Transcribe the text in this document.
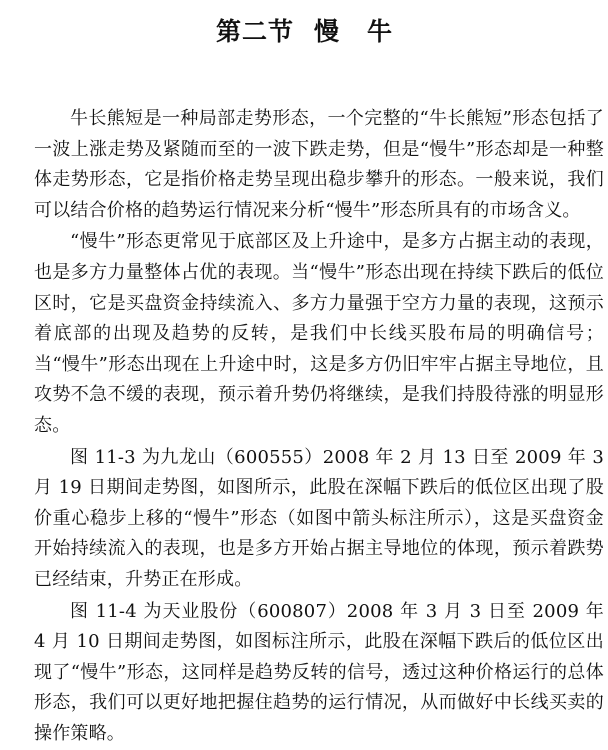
第二节 慢牛

牛长熊短是一种局部走势形态，一个完整的“牛长熊短”形态包括了一波上涨走势及紧随而至的一波下跌走势，但是“慢牛”形态却是一种整体走势形态，它是指价格走势呈现出稳步攀升的形态。一般来说，我们可以结合价格的趋势运行情况来分析“慢牛”形态所具有的市场含义。

“慢牛”形态更常见于底部区及上升途中，是多方占据主动的表现，也是多方力量整体占优的表现。当“慢牛”形态出现在持续下跌后的低位区时，它是买盘资金持续流入、多方力量强于空方力量的表现，这预示着底部的出现及趋势的反转，是我们中长线买股布局的明确信号；当“慢牛”形态出现在上升途中时，这是多方仍旧牢牢占据主导地位，且攻势不急不缓的表现，预示着升势仍将继续，是我们持股待涨的明显形态。

图 11-3 为九龙山（600555）2008 年 2 月 13 日至 2009 年 3 月 19 日期间走势图，如图所示，此股在深幅下跌后的低位区出现了股价重心稳步上移的“慢牛”形态（如图中箭头标注所示），这是买盘资金开始持续流入的表现，也是多方开始占据主导地位的体现，预示着跌势已经结束，升势正在形成。

图 11-4 为天业股份（600807）2008 年 3 月 3 日至 2009 年 4 月 10 日期间走势图，如图标注所示，此股在深幅下跌后的低位区出现了“慢牛”形态，这同样是趋势反转的信号，透过这种价格运行的总体形态，我们可以更好地把握住趋势的运行情况，从而做好中长线买卖的操作策略。
